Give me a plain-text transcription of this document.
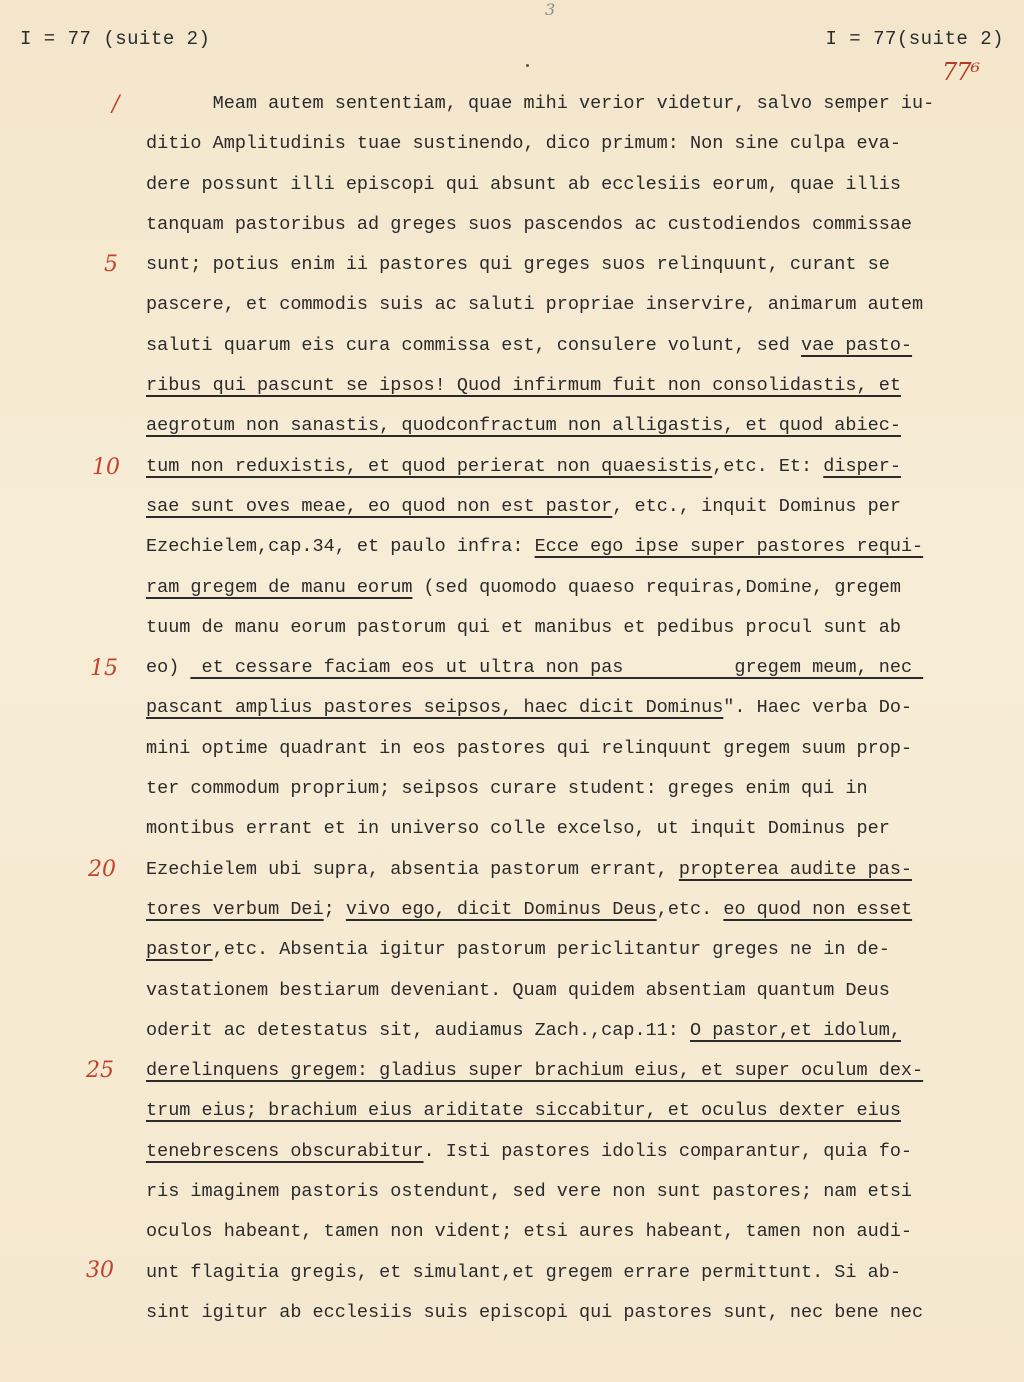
I = 77 (suite 2)	I = 77(suite 2)
3
77⁶
/
5
10
15
20
25
30
Meam autem sententiam, quae mihi verior videtur, salvo semper iu-
ditio Amplitudinis tuae sustinendo, dico primum: Non sine culpa eva-
dere possunt illi episcopi qui absunt ab ecclesiis eorum, quae illis
tanquam pastoribus ad greges suos pascendos ac custodiendos commissae
sunt; potius enim ii pastores qui greges suos relinquunt, curant se
pascere, et commodis suis ac saluti propriae inservire, animarum autem
saluti quarum eis cura commissa est, consulere volunt, sed vae pasto-
ribus qui pascunt se ipsos! Quod infirmum fuit non consolidastis, et
aegrotum non sanastis, quodconfractum non alligastis, et quod abiec-
tum non reduxistis, et quod perierat non quaesistis,etc. Et: disper-
sae sunt oves meae, eo quod non est pastor, etc., inquit Dominus per
Ezechielem,cap.34, et paulo infra: Ecce ego ipse super pastores requi-
ram gregem de manu eorum (sed quomodo quaeso requiras,Domine, gregem
tuum de manu eorum pastorum qui et manibus et pedibus procul sunt ab
eo)  et cessare faciam eos ut ultra non pas          gregem meum, nec
pascant amplius pastores seipsos, haec dicit Dominus". Haec verba Do-
mini optime quadrant in eos pastores qui relinquunt gregem suum prop-
ter commodum proprium; seipsos curare student: greges enim qui in
montibus errant et in universo colle excelso, ut inquit Dominus per
Ezechielem ubi supra, absentia pastorum errant, propterea audite pas-
tores verbum Dei; vivo ego, dicit Dominus Deus,etc. eo quod non esset
pastor,etc. Absentia igitur pastorum periclitantur greges ne in de-
vastationem bestiarum deveniant. Quam quidem absentiam quantum Deus
oderit ac detestatus sit, audiamus Zach.,cap.11: O pastor,et idolum,
derelinquens gregem: gladius super brachium eius, et super oculum dex-
trum eius; brachium eius ariditate siccabitur, et oculus dexter eius
tenebrescens obscurabitur. Isti pastores idolis comparantur, quia fo-
ris imaginem pastoris ostendunt, sed vere non sunt pastores; nam etsi
oculos habeant, tamen non vident; etsi aures habeant, tamen non audi-
unt flagitia gregis, et simulant,et gregem errare permittunt. Si ab-
sint igitur ab ecclesiis suis episcopi qui pastores sunt, nec bene nec
